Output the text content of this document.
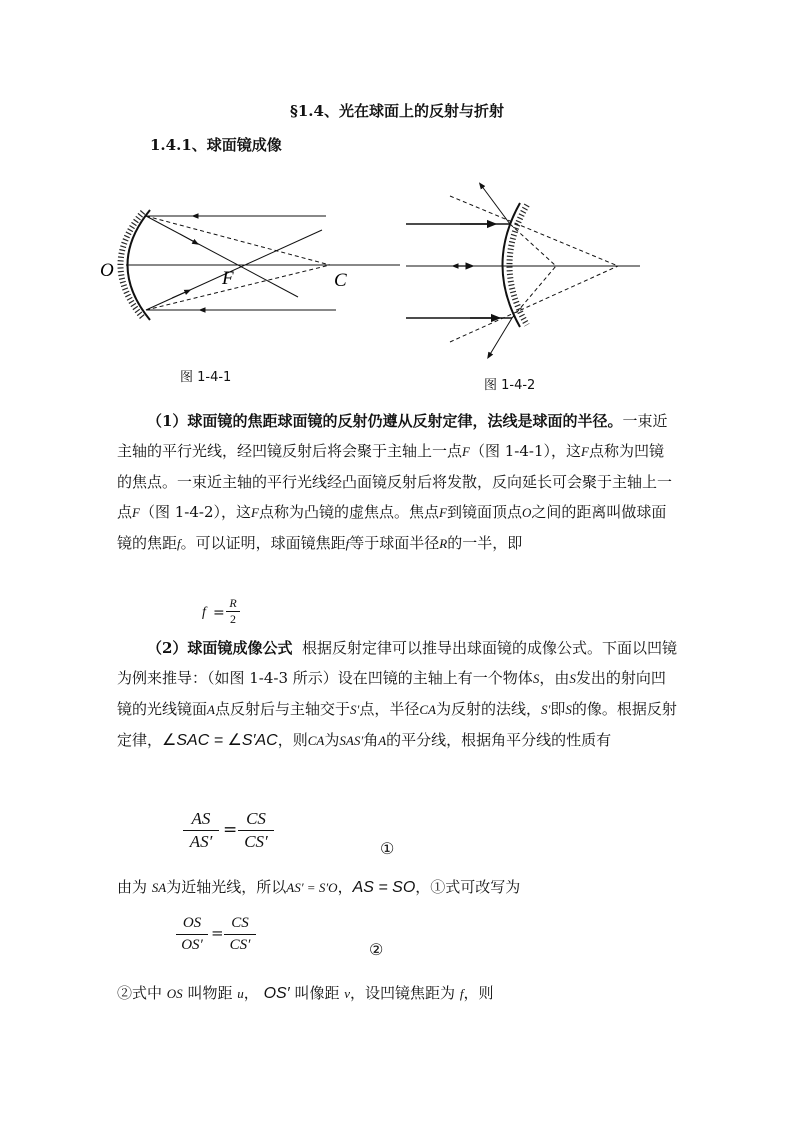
§1.4、光在球面上的反射与折射
1.4.1、球面镜成像
O	F	C
图 1-4-1
图 1-4-2
（1）球面镜的焦距球面镜的反射仍遵从反射定律，法线是球面的半径。一束近主轴的平行光线，经凹镜反射后将会聚于主轴上一点F（图 1-4-1），这F点称为凹镜的焦点。一束近主轴的平行光线经凸面镜反射后将发散，反向延长可会聚于主轴上一点F（图 1-4-2），这F点称为凸镜的虚焦点。焦点F到镜面顶点O之间的距离叫做球面镜的焦距f。可以证明，球面镜焦距f等于球面半径R的一半，即
f =
R
2
（2）球面镜成像公式 根据反射定律可以推导出球面镜的成像公式。下面以凹镜为例来推导：（如图 1-4-3 所示）设在凹镜的主轴上有一个物体S，由S发出的射向凹镜的光线镜面A点反射后与主轴交于S′点，半径CA为反射的法线，S′即S的像。根据反射定律，∠SAC = ∠S′AC，则CA为SAS′角A的平分线，根据角平分线的性质有
AS
AS′
=
CS
CS′	①
由为 SA为近轴光线，所以AS′ = S′O，AS = SO，①式可改写为
OS
OS′
=
CS
CS′	②
②式中 OS 叫物距 u， OS′ 叫像距 v，设凹镜焦距为 f，则
